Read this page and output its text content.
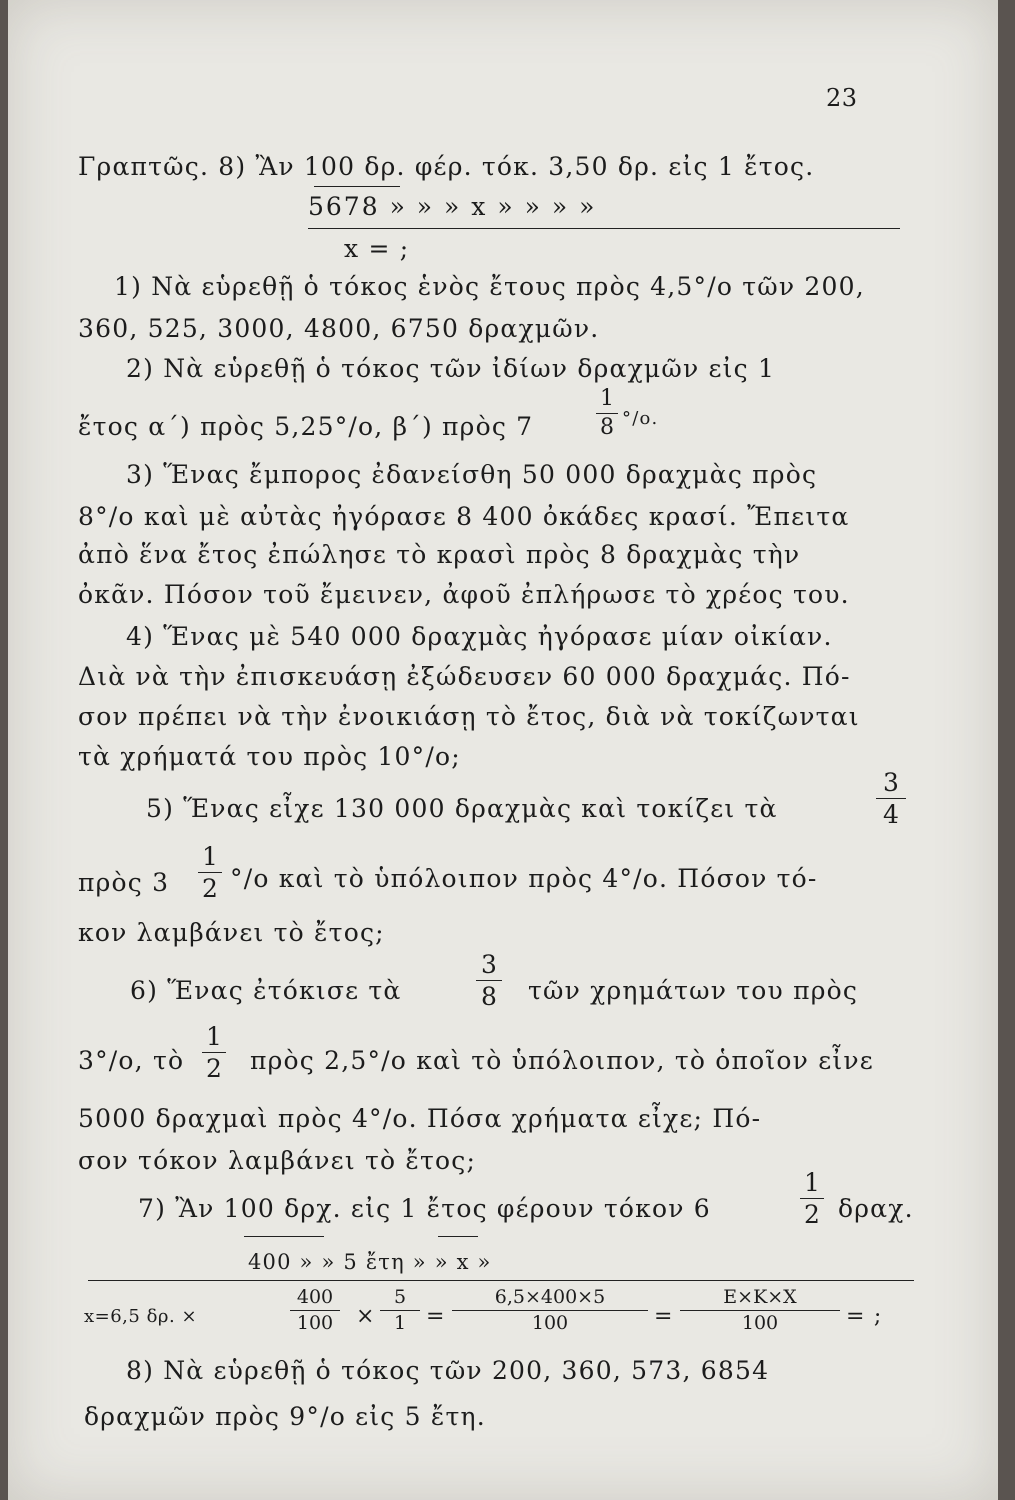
23
Γραπτῶς. 8) Ἂν 100 δρ. φέρ. τόκ. 3,50 δρ. εἰς 1 ἔτος.
5678 » » » x » » » »
x = ;
1) Νὰ εὑρεθῇ ὁ τόκος ἑνὸς ἔτους πρὸς 4,5°/ο τῶν 200,
360, 525, 3000, 4800, 6750 δραχμῶν.
2) Νὰ εὑρεθῇ ὁ τόκος τῶν ἰδίων δραχμῶν εἰς 1
ἔτος α΄) πρὸς 5,25°/ο, β΄) πρὸς 7
1
8 °/ο.
3) Ἕνας ἔμπορος ἐδανείσθη 50 000 δραχμὰς πρὸς
8°/ο καὶ μὲ αὐτὰς ἠγόρασε 8 400 ὀκάδες κρασί. Ἔπειτα
ἀπὸ ἕνα ἔτος ἐπώλησε τὸ κρασὶ πρὸς 8 δραχμὰς τὴν
ὀκᾶν. Πόσον τοῦ ἔμεινεν, ἀφοῦ ἐπλήρωσε τὸ χρέος του.
4) Ἕνας μὲ 540 000 δραχμὰς ἠγόρασε μίαν οἰκίαν.
Διὰ νὰ τὴν ἐπισκευάσῃ ἐξώδευσεν 60 000 δραχμάς. Πό-
σον πρέπει νὰ τὴν ἐνοικιάσῃ τὸ ἔτος, διὰ νὰ τοκίζωνται
τὰ χρήματά του πρὸς 10°/ο;
5) Ἕνας εἶχε 130 000 δραχμὰς καὶ τοκίζει τὰ
3
4
πρὸς 3
1
2 °/ο καὶ τὸ ὑπόλοιπον πρὸς 4°/ο. Πόσον τό-
κον λαμβάνει τὸ ἔτος;
6) Ἕνας ἐτόκισε τὰ
3
8 τῶν χρημάτων του πρὸς
3°/ο, τὸ
1
2 πρὸς 2,5°/ο καὶ τὸ ὑπόλοιπον, τὸ ὁποῖον εἶνε
5000 δραχμαὶ πρὸς 4°/ο. Πόσα χρήματα εἶχε; Πό-
σον τόκον λαμβάνει τὸ ἔτος;
7) Ἂν 100 δρχ. εἰς 1 ἔτος φέρουν τόκον 6
1
2 δραχ.
400 » » 5 ἔτη » » x »
x=6,5 δρ. ×
400
100	×
5
1 =
6,5×400×5
100	=
Ε×Κ×Χ
100	= ;
8) Νὰ εὑρεθῇ ὁ τόκος τῶν 200, 360, 573, 6854
δραχμῶν πρὸς 9°/ο εἰς 5 ἔτη.
